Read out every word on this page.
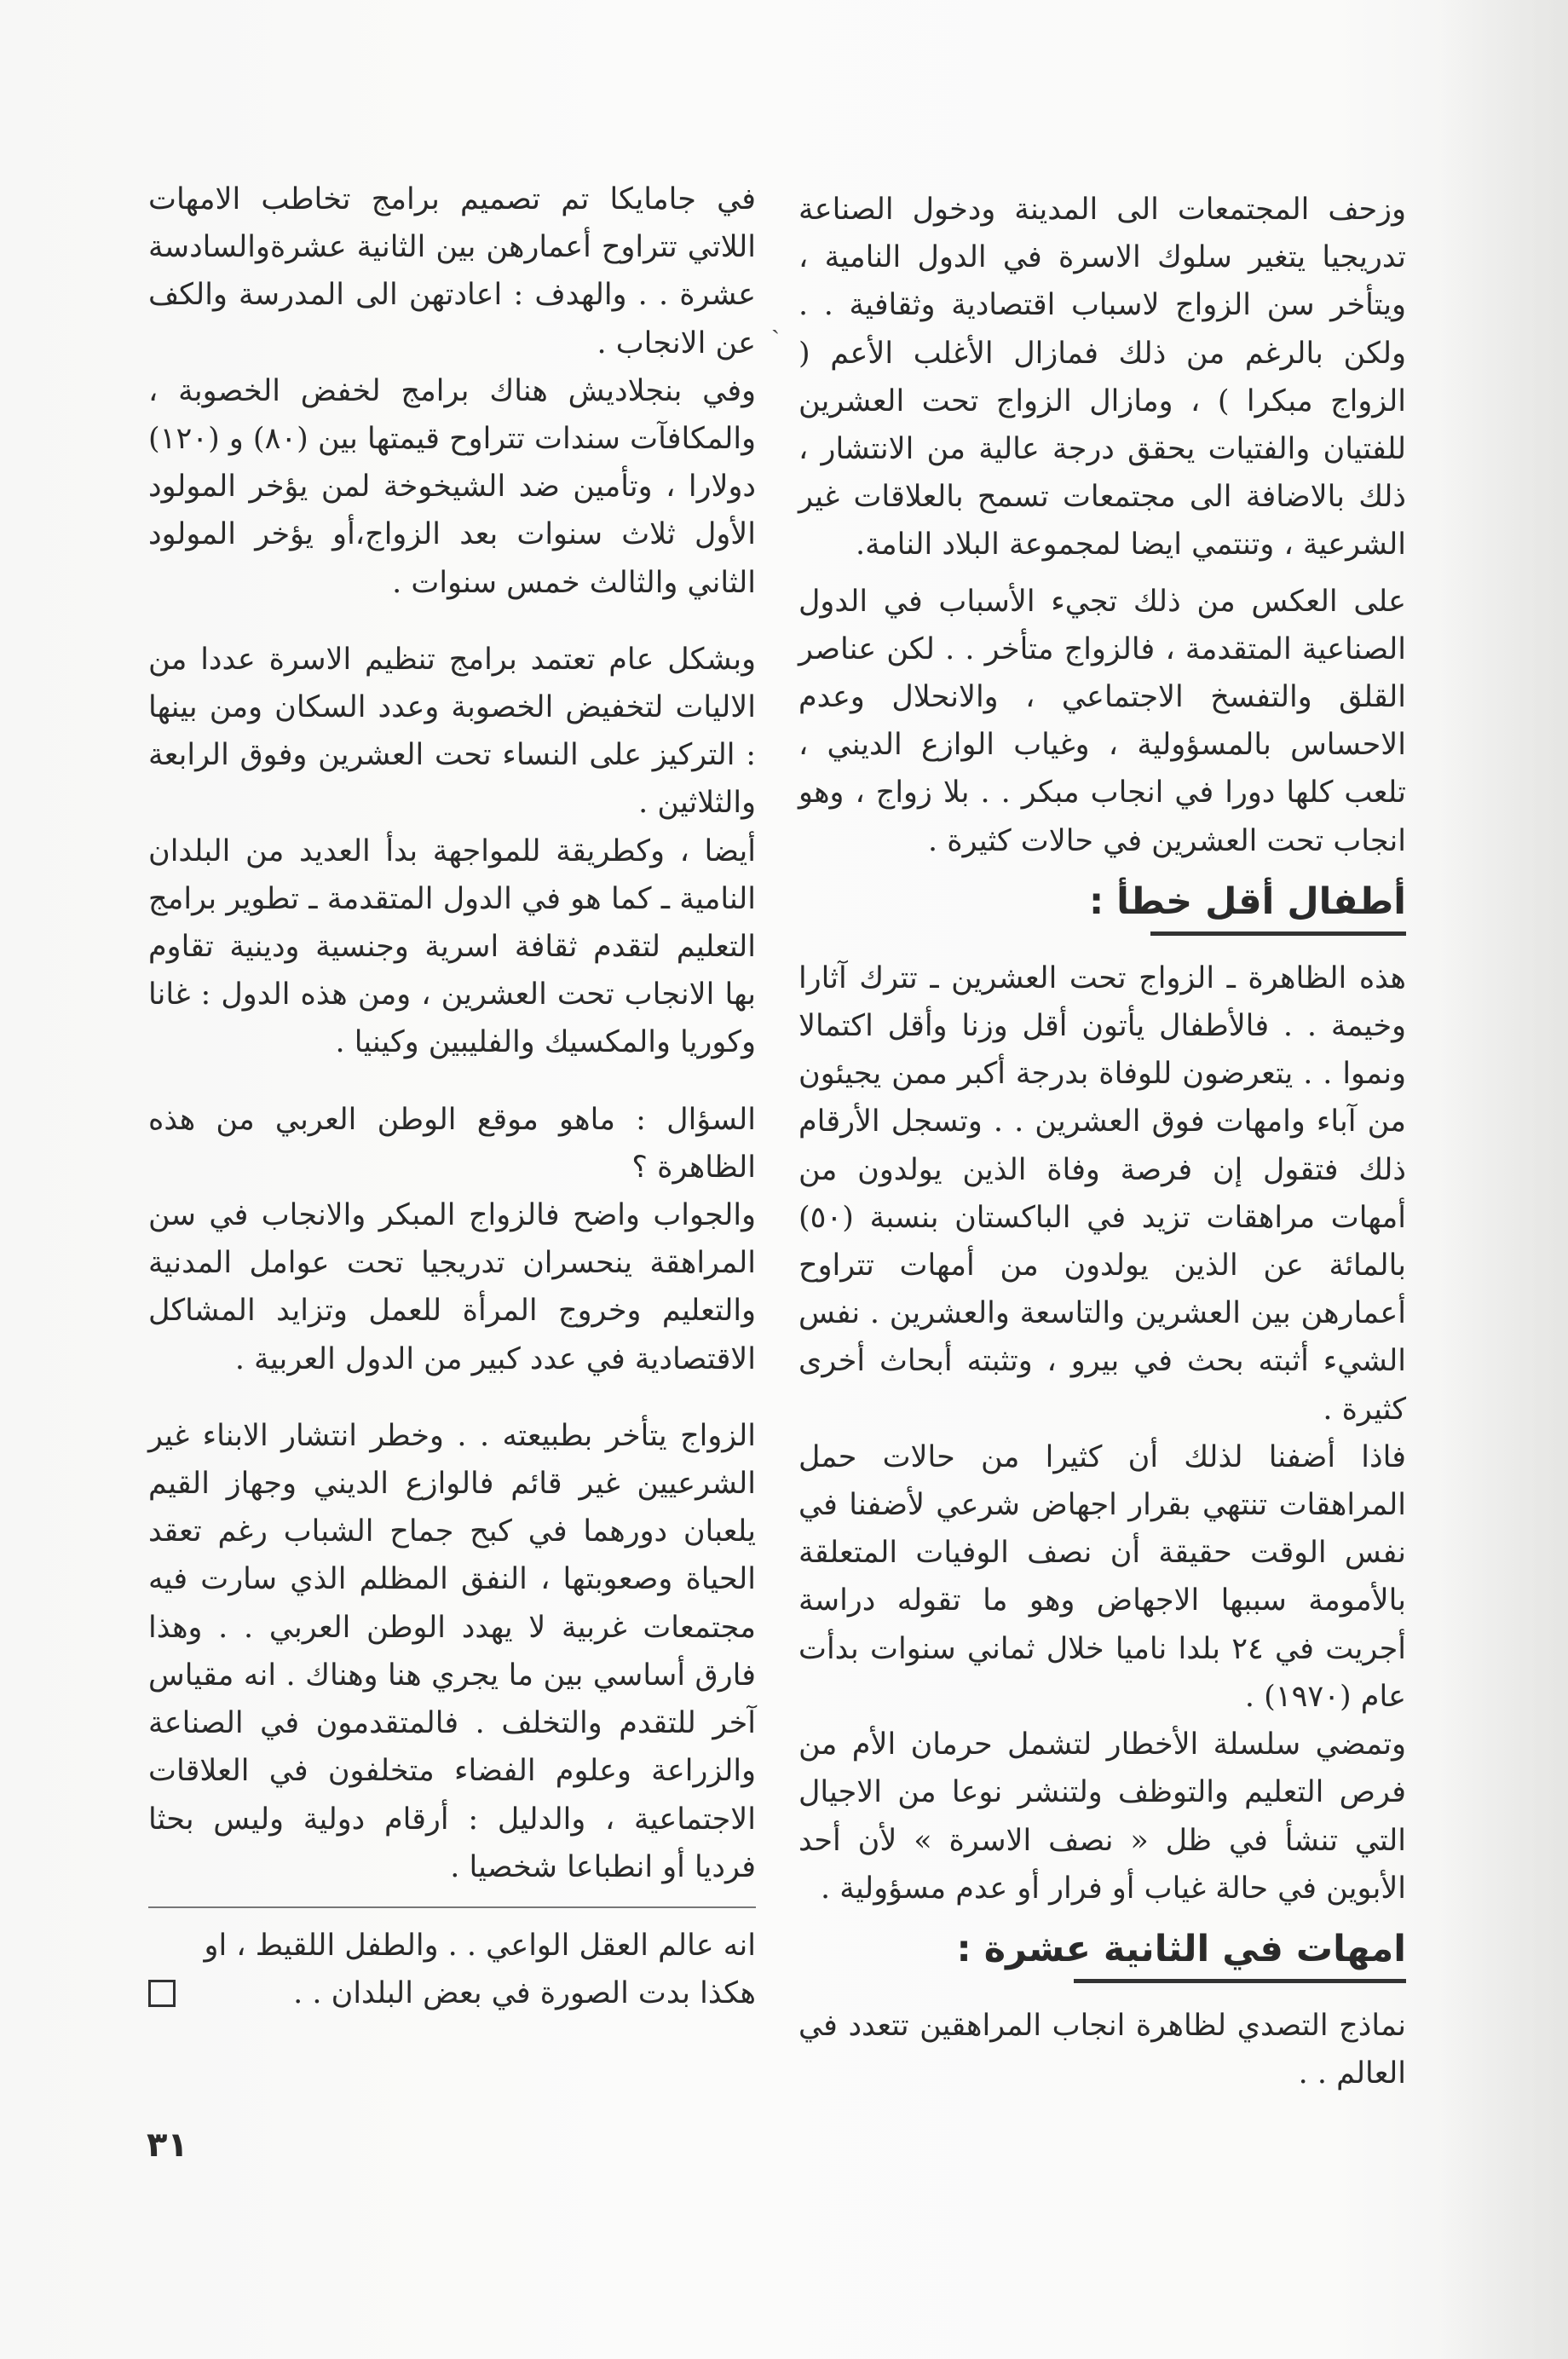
ˎ

وزحف المجتمعات الى المدينة ودخول الصناعة تدريجيا يتغير سلوك الاسرة في الدول النامية ، ويتأخر سن الزواج لاسباب اقتصادية وثقافية . . ولكن بالرغم من ذلك فمازال الأغلب الأعم ( الزواج مبكرا ) ، ومازال الزواج تحت العشرين للفتيان والفتيات يحقق درجة عالية من الانتشار ، ذلك بالاضافة الى مجتمعات تسمح بالعلاقات غير الشرعية ، وتنتمي ايضا لمجموعة البلاد النامة.

على العكس من ذلك تجيء الأسباب في الدول الصناعية المتقدمة ، فالزواج متأخر . . لكن عناصر القلق والتفسخ الاجتماعي ، والانحلال وعدم الاحساس بالمسؤولية ، وغياب الوازع الديني ، تلعب كلها دورا في انجاب مبكر . . بلا زواج ، وهو انجاب تحت العشرين في حالات كثيرة .

أطفال أقل خطأ :

هذه الظاهرة ـ الزواج تحت العشرين ـ تترك آثارا وخيمة . . فالأطفال يأتون أقل وزنا وأقل اكتمالا ونموا . . يتعرضون للوفاة بدرجة أكبر ممن يجيئون من آباء وامهات فوق العشرين . . وتسجل الأرقام ذلك فتقول إن فرصة وفاة الذين يولدون من أمهات مراهقات تزيد في الباكستان بنسبة (٥٠) بالمائة عن الذين يولدون من أمهات تتراوح أعمارهن بين العشرين والتاسعة والعشرين . نفس الشيء أثبته بحث في بيرو ، وتثبته أبحاث أخرى كثيرة .

فاذا أضفنا لذلك أن كثيرا من حالات حمل المراهقات تنتهي بقرار اجهاض شرعي لأضفنا في نفس الوقت حقيقة أن نصف الوفيات المتعلقة بالأمومة سببها الاجهاض وهو ما تقوله دراسة أجريت في ٢٤ بلدا ناميا خلال ثماني سنوات بدأت عام (١٩٧٠) .

وتمضي سلسلة الأخطار لتشمل حرمان الأم من فرص التعليم والتوظف ولتنشر نوعا من الاجيال التي تنشأ في ظل « نصف الاسرة » لأن أحد الأبوين في حالة غياب أو فرار أو عدم مسؤولية .

امهات في الثانية عشرة :

نماذج التصدي لظاهرة انجاب المراهقين تتعدد في العالم . .

في جامايكا تم تصميم برامج تخاطب الامهات اللاتي تتراوح أعمارهن بين الثانية عشرةوالسادسة عشرة . . والهدف : اعادتهن الى المدرسة والكف عن الانجاب .

وفي بنجلاديش هناك برامج لخفض الخصوبة ، والمكافآت سندات تتراوح قيمتها بين (٨٠) و (١٢٠) دولارا ، وتأمين ضد الشيخوخة لمن يؤخر المولود الأول ثلاث سنوات بعد الزواج،أو يؤخر المولود الثاني والثالث خمس سنوات .

وبشكل عام تعتمد برامج تنظيم الاسرة عددا من الاليات لتخفيض الخصوبة وعدد السكان ومن بينها : التركيز على النساء تحت العشرين وفوق الرابعة والثلاثين .

أيضا ، وكطريقة للمواجهة بدأ العديد من البلدان النامية ـ كما هو في الدول المتقدمة ـ تطوير برامج التعليم لتقدم ثقافة اسرية وجنسية ودينية تقاوم بها الانجاب تحت العشرين ، ومن هذه الدول : غانا وكوريا والمكسيك والفليبين وكينيا .

السؤال : ماهو موقع الوطن العربي من هذه الظاهرة ؟

والجواب واضح فالزواج المبكر والانجاب في سن المراهقة ينحسران تدريجيا تحت عوامل المدنية والتعليم وخروج المرأة للعمل وتزايد المشاكل الاقتصادية في عدد كبير من الدول العربية .

الزواج يتأخر بطبيعته . . وخطر انتشار الابناء غير الشرعيين غير قائم فالوازع الديني وجهاز القيم يلعبان دورهما في كبح جماح الشباب رغم تعقد الحياة وصعوبتها ، النفق المظلم الذي سارت فيه مجتمعات غربية لا يهدد الوطن العربي . . وهذا فارق أساسي بين ما يجري هنا وهناك . انه مقياس آخر للتقدم والتخلف . فالمتقدمون في الصناعة والزراعة وعلوم الفضاء متخلفون في العلاقات الاجتماعية ، والدليل : أرقام دولية وليس بحثا فرديا أو انطباعا شخصيا .

انه عالم العقل الواعي . . والطفل اللقيط ، او

هكذا بدت الصورة في بعض البلدان . .
٣١
